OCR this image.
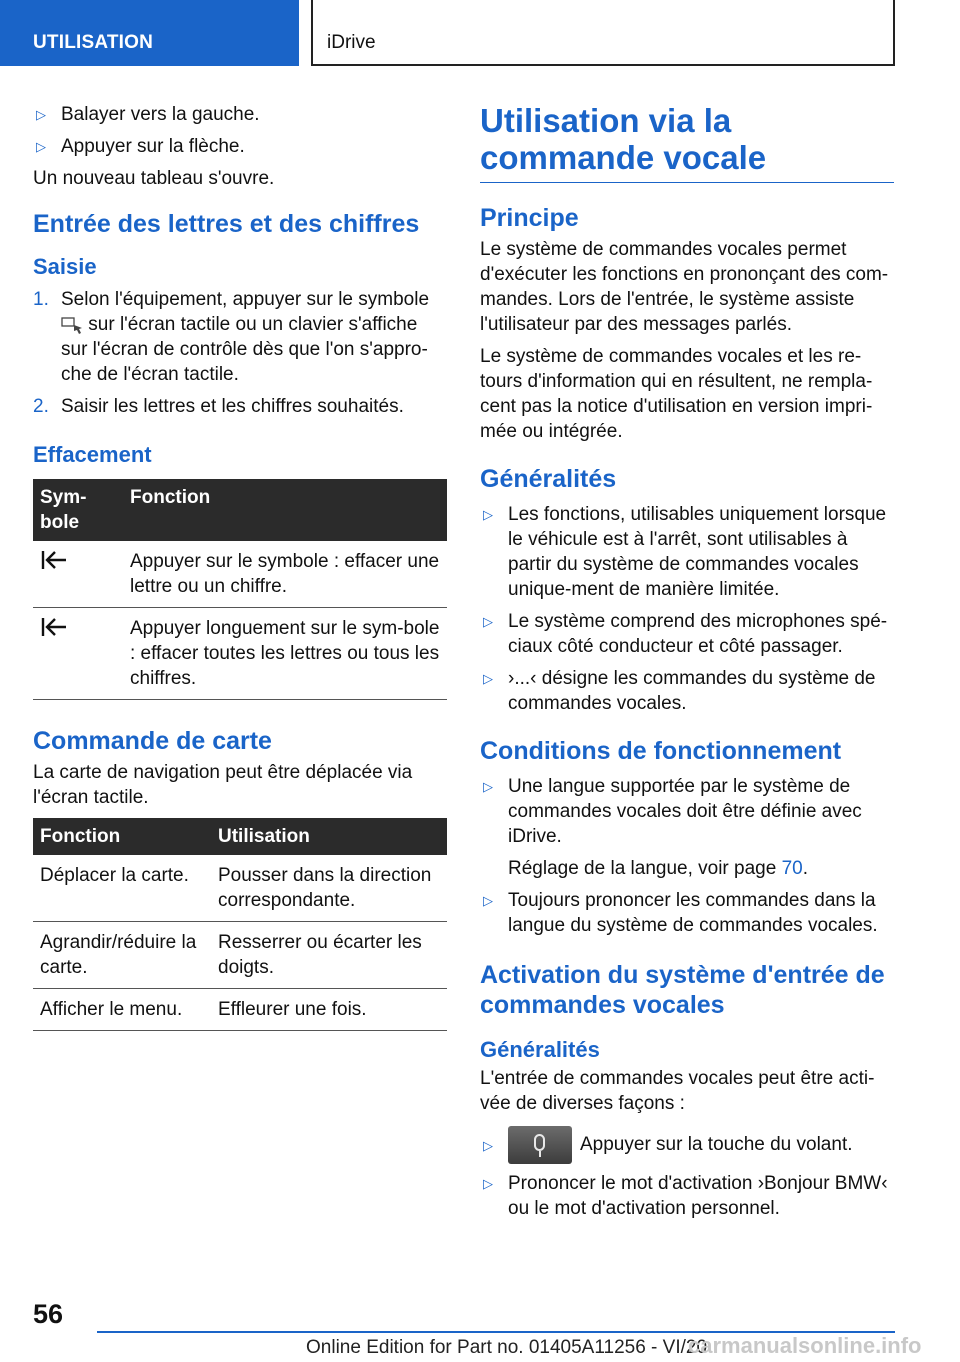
UTILISATION	iDrive
▷ Balayer vers la gauche.
▷ Appuyer sur la flèche.

Un nouveau tableau s'ouvre.

Entrée des lettres et des chiffres
Saisie
1. Selon l'équipement, appuyer sur le symbole
sur l'écran tactile ou un clavier s'affiche sur l'écran de contrôle dès que l'on s'appro-che de l'écran tactile.
2. Saisir les lettres et les chiffres souhaités.
Effacement
Sym-bole	Fonction
	Appuyer sur le symbole : effacer une lettre ou un chiffre.
	Appuyer longuement sur le sym-bole : effacer toutes les lettres ou tous les chiffres.
Commande de carte

La carte de navigation peut être déplacée via l'écran tactile.

Fonction	Utilisation
Déplacer la carte.	Pousser dans la direction correspondante.
Agrandir/réduire la carte.	Resserrer ou écarter les doigts.
Afficher le menu.	Effleurer une fois.
Utilisation via la commande vocale
Principe

Le système de commandes vocales permet d'exécuter les fonctions en prononçant des com-mandes. Lors de l'entrée, le système assiste l'utilisateur par des messages parlés.

Le système de commandes vocales et les re-tours d'information qui en résultent, ne rempla-cent pas la notice d'utilisation en version impri-mée ou intégrée.

Généralités
▷ Les fonctions, utilisables uniquement lorsque le véhicule est à l'arrêt, sont utilisables à partir du système de commandes vocales unique-ment de manière limitée.
▷ Le système comprend des microphones spé-ciaux côté conducteur et côté passager.
▷ ›...‹ désigne les commandes du système de commandes vocales.
Conditions de fonctionnement
▷ Une langue supportée par le système de commandes vocales doit être définie avec iDrive.
Réglage de la langue, voir page 70.
▷ Toujours prononcer les commandes dans la langue du système de commandes vocales.
Activation du système d'entrée de commandes vocales
Généralités

L'entrée de commandes vocales peut être acti-vée de diverses façons :

▷	Appuyer sur la touche du volant.
▷ Prononcer le mot d'activation ›Bonjour BMW‹ ou le mot d'activation personnel.
56
Online Edition for Part no. 01405A11256 - VI/20
carmanualsonline.info
